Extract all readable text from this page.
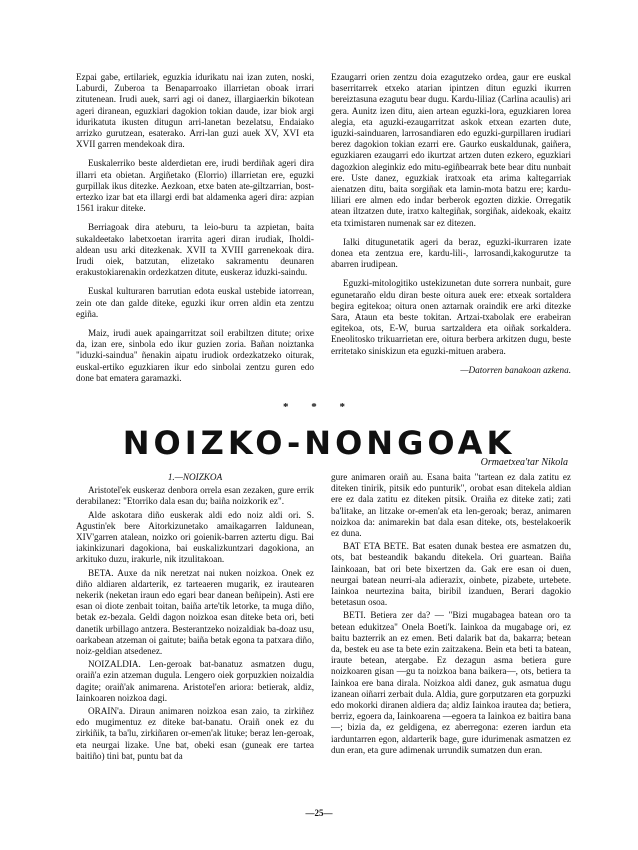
Ezpai gabe, ertilariek, eguzkia idurikatu nai izan zuten, noski, Laburdi, Zuberoa ta Benaparroako illarrietan oboak irrari zitutenean. Irudi auek, sarri agi oi danez, illargiaerkin bikotean ageri diranean, eguzkiari dagokion tokian daude, izar biok argi idurikatuta ikusten ditugun arri-lanetan bezelatsu, Endaiako arrizko gurutzean, esaterako. Arri-lan guzi auek XV, XVI eta XVII garren mendekoak dira.

Euskalerriko beste alderdietan ere, irudi berdiñak ageri dira illarri eta obietan. Argiñetako (Elorrio) illarrietan ere, eguzki gurpillak ikus ditezke. Aezkoan, etxe baten ate-giltzarrian, bost-ertezko izar bat eta illargi erdi bat aldamenka ageri dira: azpian 1561 irakur diteke.

Berriagoak dira ateburu, ta leio-buru ta azpietan, baita sukaldeetako labetxoetan irarrita ageri diran irudiak, Iholdi-aldean usu arki ditezkenak. XVII ta XVIII garrenekoak dira. Irudi oiek, batzutan, elizetako sakramentu deunaren erakustokiarenakin ordezkatzen ditute, euskeraz iduzki-saindu.

Euskal kulturaren barrutian edota euskal ustebide iatorrean, zein ote dan galde diteke, eguzki ikur orren aldin eta zentzu egiña.

Maiz, irudi auek apaingarritzat soil erabiltzen ditute; orixe da, izan ere, sinbola edo ikur guzien zoria. Bañan noiztanka "iduzki-saindua" ñenakin aipatu irudiok ordezkatzeko oiturak, euskal-ertiko eguzkiaren ikur edo sinbolai zentzu guren edo done bat ematera garamazki.

Ezaugarri orien zentzu doia ezagutzeko ordea, gaur ere euskal baserritarrek etxeko atarian ipintzen ditun eguzki ikurren bereiztasuna ezagutu bear dugu. Kardu-liliaz (Carlina acaulis) ari gera. Aunitz izen ditu, aien artean eguzki-lora, eguzkiaren lorea alegia, eta aguzki-ezaugarritzat askok etxean ezarten dute, iguzki-sainduaren, larrosandiaren edo eguzki-gurpillaren irudiari berez dagokion tokian ezarri ere. Gaurko euskaldunak, gaiñera, eguzkiaren ezaugarri edo ikurtzat artzen duten ezkero, eguzkiari dagozkion aleginkiz edo mitu-egiñbearrak bete bear ditu nunbait ere. Uste danez, eguzkiak iratxoak eta arima kaltegarriak aienatzen ditu, baita sorgiñak eta lamin-mota batzu ere; kardu-liliari ere almen edo indar berberok egozten dizkie. Orregatik atean iltzatzen dute, iratxo kaltegiñak, sorgiñak, aidekoak, ekaitz eta tximistaren numenak sar ez ditezen.

Ialki ditugunetatik ageri da beraz, eguzki-ikurraren izate donea eta zentzua ere, kardu-lili-, larrosandi,kakogurutze ta abarren irudipean.

Eguzki-mitologitiko ustekizunetan dute sorrera nunbait, gure egunetaraño eldu diran beste oitura auek ere: etxeak sortaldera begira egitekoa; oitura onen aztarnak oraindik ere arki ditezke Sara, Ataun eta beste tokitan. Artzai-txabolak ere erabeiran egitekoa, ots, E-W, burua sartzaldera eta oiñak sorkaldera. Eneolitosko trikuarrietan ere, oitura berbera arkitzen dugu, beste erritetako siniskizun eta eguzki-mituen arabera.

—Datorren banakoan azkena.
* * *
NOIZKO-NONGOAK
Ormaetxea'tar Nikola

1.—NOIZKOA

Aristotel'ek euskeraz denbora orrela esan zezaken, gure errik derabilanez: "Etorriko dala esan du; baiña noizkorik ez".

Alde askotara diño euskerak aldi edo noiz aldi ori. S. Agustin'ek bere Aitorkizunetako amaikagarren Ialdunean, XIV'garren atalean, noizko ori goienik-barren aztertu digu. Bai iakinkizunari dagokiona, bai euskalizkuntzari dagokiona, an arkituko duzu, irakurle, nik itzulitakoan.

BETA. Auxe da nik neretzat nai nuken noizkoa. Onek ez diño aldiaren aldarterik, ez tarteaeren mugarik, ez irautearen nekerik (neketan iraun edo egari bear danean beñipein). Asti ere esan oi diote zenbait toitan, baiña arte'tik letorke, ta muga diño, betak ez-bezala. Geldi dagon noizkoa esan diteke beta ori, beti danetik urbillago antzera. Besterantzeko noizaldiak ba-doaz usu, oarkabean atzeman oi gaitute; baiña betak egona ta patxara diño, noiz-geldian atsedenez.

NOIZALDIA. Len-geroak bat-banatuz asmatzen dugu, oraiñ'a ezin atzeman dugula. Lengero oiek gorpuzkien noizaldia dagite; oraiñ'ak animarena. Aristotel'en ariora: betierak, aldiz, Iainkoaren noizkoa dagi.

ORAIN'a. Diraun animaren noizkoa esan zaio, ta zirkiñez edo mugimentuz ez diteke bat-banatu. Oraiñ onek ez du zirkiñik, ta ba'lu, zirkiñaren or-emen'ak lituke; beraz len-geroak, eta neurgai lizake. Une bat, obeki esan (guneak ere tartea baitiño) tini bat, puntu bat da

gure animaren oraiñ au. Esana baita "tartean ez dala zatitu ez diteken tinirik, pitsik edo punturik", orobat esan ditekela aldian ere ez dala zatitu ez diteken pitsik. Oraiña ez diteke zati; zati ba'litake, an litzake or-emen'ak eta len-geroak; beraz, animaren noizkoa da: animarekin bat dala esan diteke, ots, bestelakoerik ez duna.

BAT ETA BETE. Bat esaten dunak bestea ere asmatzen du, ots, bat besteandik bakandu ditekela. Ori guartean. Baiña Iainkoaan, bat ori bete bixertzen da. Gak ere esan oi duen, neurgai batean neurri-ala adierazix, oinbete, pizabete, urtebete. Iainkoa neurtezina baita, biribil izanduen, Berari dagokio betetasun osoa.

BETI. Betiera zer da? — "Bizi mugabagea batean oro ta betean edukitzea" Onela Boeti'k. Iainkoa da mugabage ori, ez baitu bazterrik an ez emen. Beti dalarik bat da, bakarra; betean da, bestek eu ase ta bete ezin zaitzakena. Bein eta beti ta batean, iraute betean, atergabe. Ez dezagun asma betiera gure noizkoaren gisan —gu ta noizkoa bana baikera—, ots, betiera ta Iainkoa ere bana dirala. Noizkoa aldi danez, guk asmatua dugu izanean oiñarri zerbait dula. Aldia, gure gorputzaren eta gorpuzki edo mokorki diranen aldiera da; aldiz Iainkoa irautea da; betiera, berriz, egoera da, Iainkoarena —egoera ta Iainkoa ez baitira bana—; bizia da, ez geldigena, ez aberregona: ezeren iardun eta iarduntarren egon, aldarterik bage, gure idurimenak asmatzen ez dun eran, eta gure adimenak urrundik sumatzen dun eran.

—25—
